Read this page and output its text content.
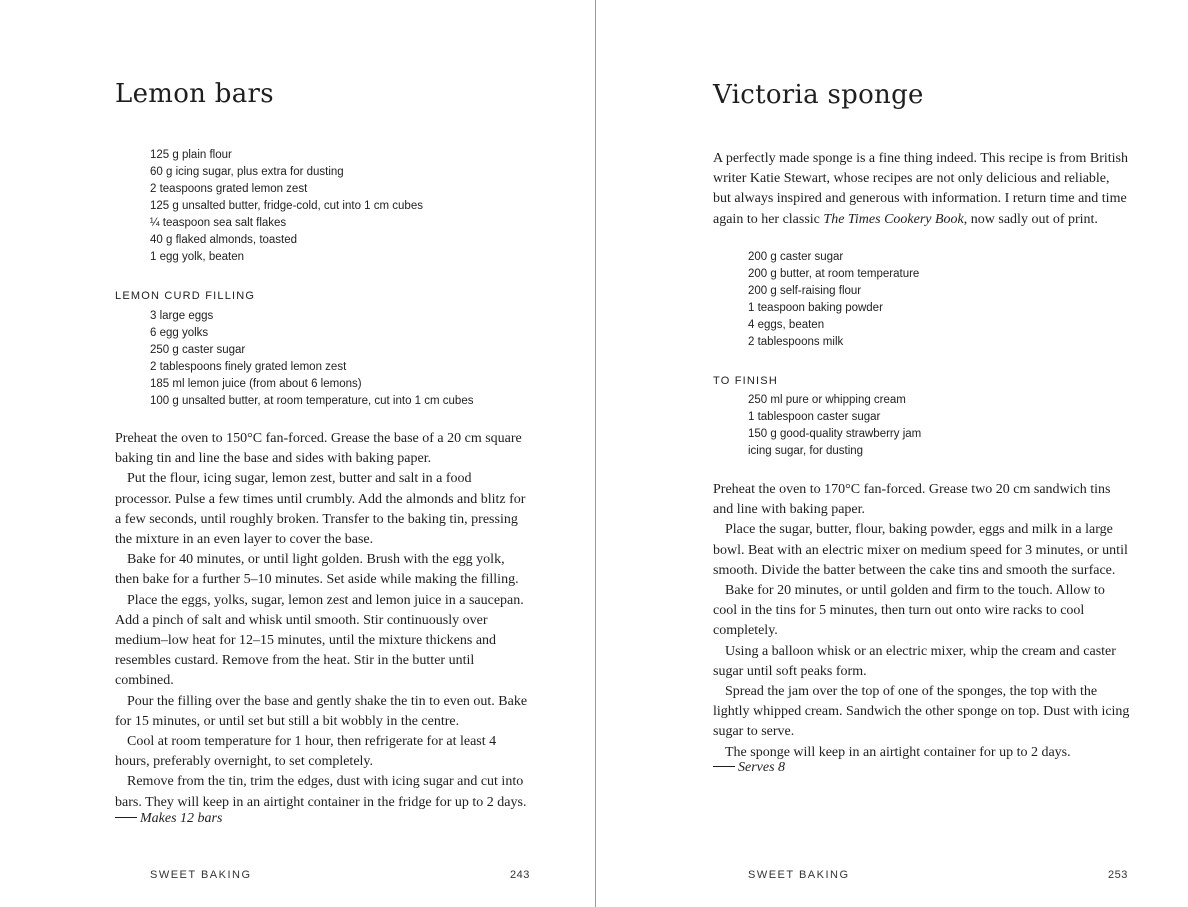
Lemon bars
125 g plain flour
60 g icing sugar, plus extra for dusting
2 teaspoons grated lemon zest
125 g unsalted butter, fridge-cold, cut into 1 cm cubes
¼ teaspoon sea salt flakes
40 g flaked almonds, toasted
1 egg yolk, beaten
LEMON CURD FILLING
3 large eggs
6 egg yolks
250 g caster sugar
2 tablespoons finely grated lemon zest
185 ml lemon juice (from about 6 lemons)
100 g unsalted butter, at room temperature, cut into 1 cm cubes

Preheat the oven to 150°C fan-forced. Grease the base of a 20 cm square baking tin and line the base and sides with baking paper.

Put the flour, icing sugar, lemon zest, butter and salt in a food processor. Pulse a few times until crumbly. Add the almonds and blitz for a few seconds, until roughly broken. Transfer to the baking tin, pressing the mixture in an even layer to cover the base.

Bake for 40 minutes, or until light golden. Brush with the egg yolk, then bake for a further 5–10 minutes. Set aside while making the filling.

Place the eggs, yolks, sugar, lemon zest and lemon juice in a saucepan. Add a pinch of salt and whisk until smooth. Stir continuously over medium–low heat for 12–15 minutes, until the mixture thickens and resembles custard. Remove from the heat. Stir in the butter until combined.

Pour the filling over the base and gently shake the tin to even out. Bake for 15 minutes, or until set but still a bit wobbly in the centre.

Cool at room temperature for 1 hour, then refrigerate for at least 4 hours, preferably overnight, to set completely.

Remove from the tin, trim the edges, dust with icing sugar and cut into bars. They will keep in an airtight container in the fridge for up to 2 days.

Makes 12 bars
SWEET BAKING	243
Victoria sponge

A perfectly made sponge is a fine thing indeed. This recipe is from British writer Katie Stewart, whose recipes are not only delicious and reliable, but always inspired and generous with information. I return time and time again to her classic The Times Cookery Book, now sadly out of print.

200 g caster sugar
200 g butter, at room temperature
200 g self-raising flour
1 teaspoon baking powder
4 eggs, beaten
2 tablespoons milk
TO FINISH
250 ml pure or whipping cream
1 tablespoon caster sugar
150 g good-quality strawberry jam
icing sugar, for dusting

Preheat the oven to 170°C fan-forced. Grease two 20 cm sandwich tins and line with baking paper.

Place the sugar, butter, flour, baking powder, eggs and milk in a large bowl. Beat with an electric mixer on medium speed for 3 minutes, or until smooth. Divide the batter between the cake tins and smooth the surface.

Bake for 20 minutes, or until golden and firm to the touch. Allow to cool in the tins for 5 minutes, then turn out onto wire racks to cool completely.

Using a balloon whisk or an electric mixer, whip the cream and caster sugar until soft peaks form.

Spread the jam over the top of one of the sponges, the top with the lightly whipped cream. Sandwich the other sponge on top. Dust with icing sugar to serve.

The sponge will keep in an airtight container for up to 2 days.

Serves 8
SWEET BAKING	253
